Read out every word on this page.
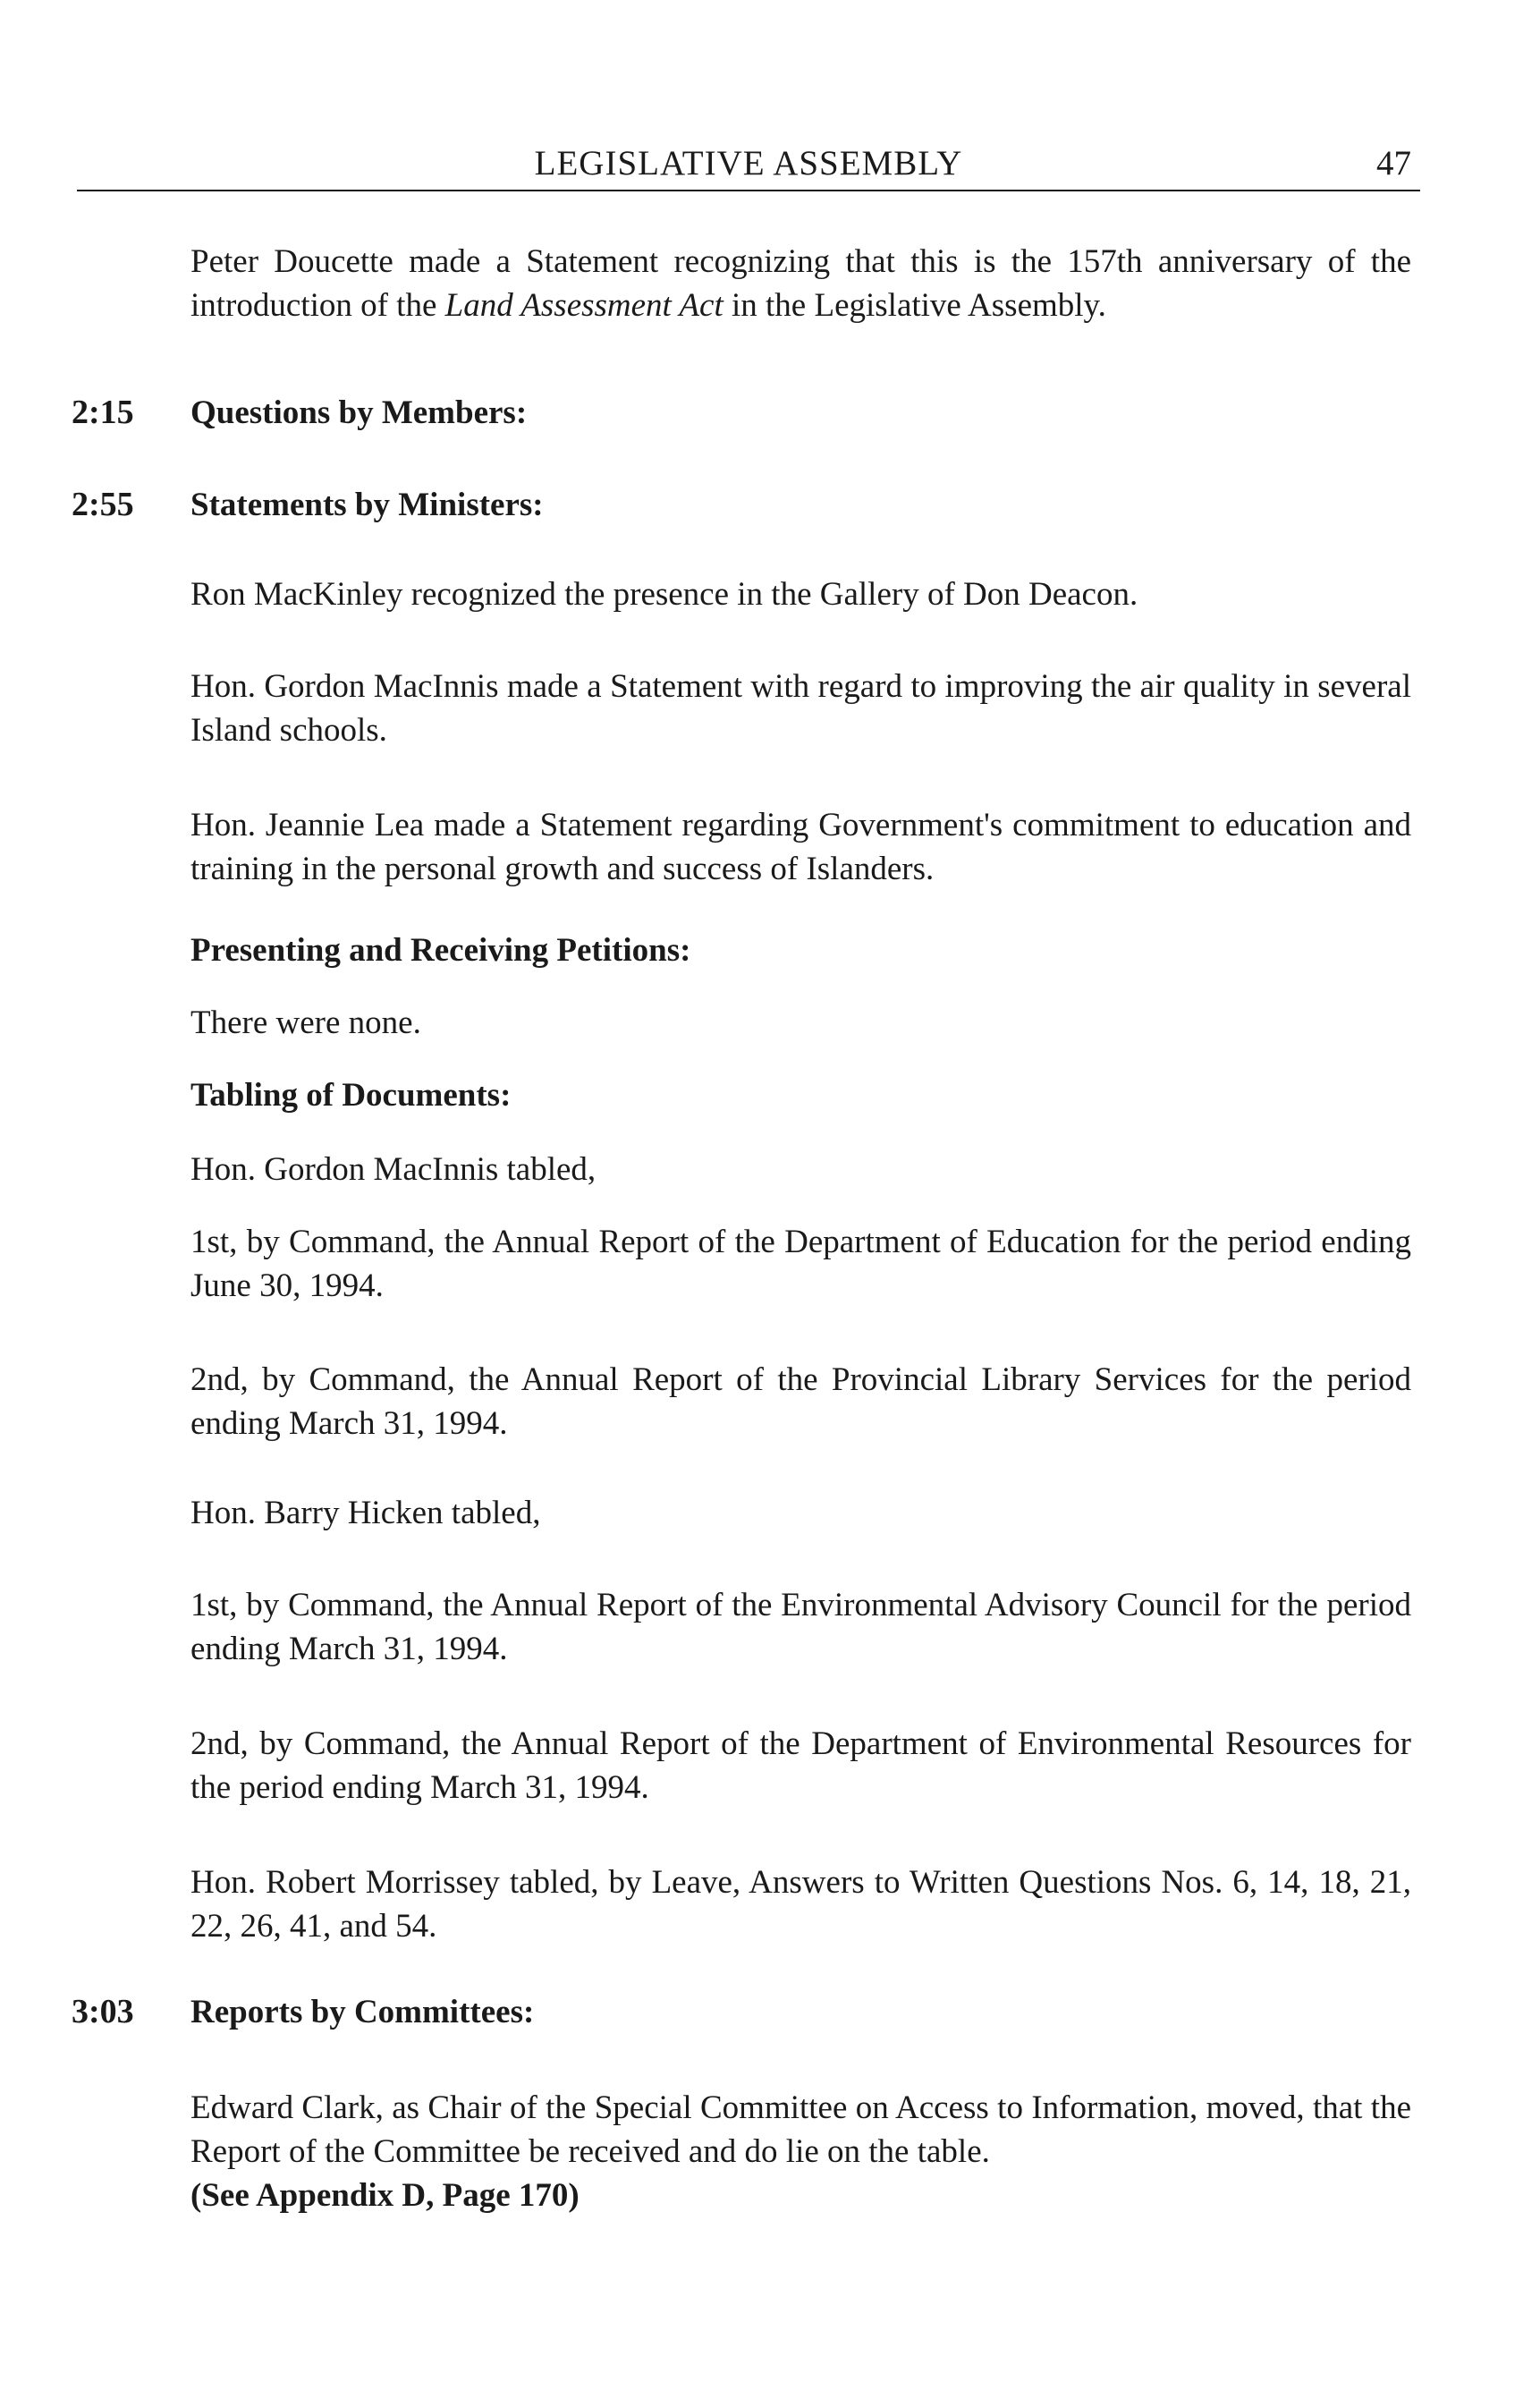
LEGISLATIVE ASSEMBLY	47

Peter Doucette made a Statement recognizing that this is the 157th anniversary of the introduction of the Land Assessment Act in the Legislative Assembly.

2:15 Questions by Members:
2:55 Statements by Ministers:

Ron MacKinley recognized the presence in the Gallery of Don Deacon.

Hon. Gordon MacInnis made a Statement with regard to improving the air quality in several Island schools.

Hon. Jeannie Lea made a Statement regarding Government's commitment to education and training in the personal growth and success of Islanders.

Presenting and Receiving Petitions:

There were none.

Tabling of Documents:

Hon. Gordon MacInnis tabled,

1st, by Command, the Annual Report of the Department of Education for the period ending June 30, 1994.

2nd, by Command, the Annual Report of the Provincial Library Services for the period ending March 31, 1994.

Hon. Barry Hicken tabled,

1st, by Command, the Annual Report of the Environmental Advisory Council for the period ending March 31, 1994.

2nd, by Command, the Annual Report of the Department of Environmental Resources for the period ending March 31, 1994.

Hon. Robert Morrissey tabled, by Leave, Answers to Written Questions Nos. 6, 14, 18, 21, 22, 26, 41, and 54.

3:03 Reports by Committees:

Edward Clark, as Chair of the Special Committee on Access to Information, moved, that the Report of the Committee be received and do lie on the table.

(See Appendix D, Page 170)
